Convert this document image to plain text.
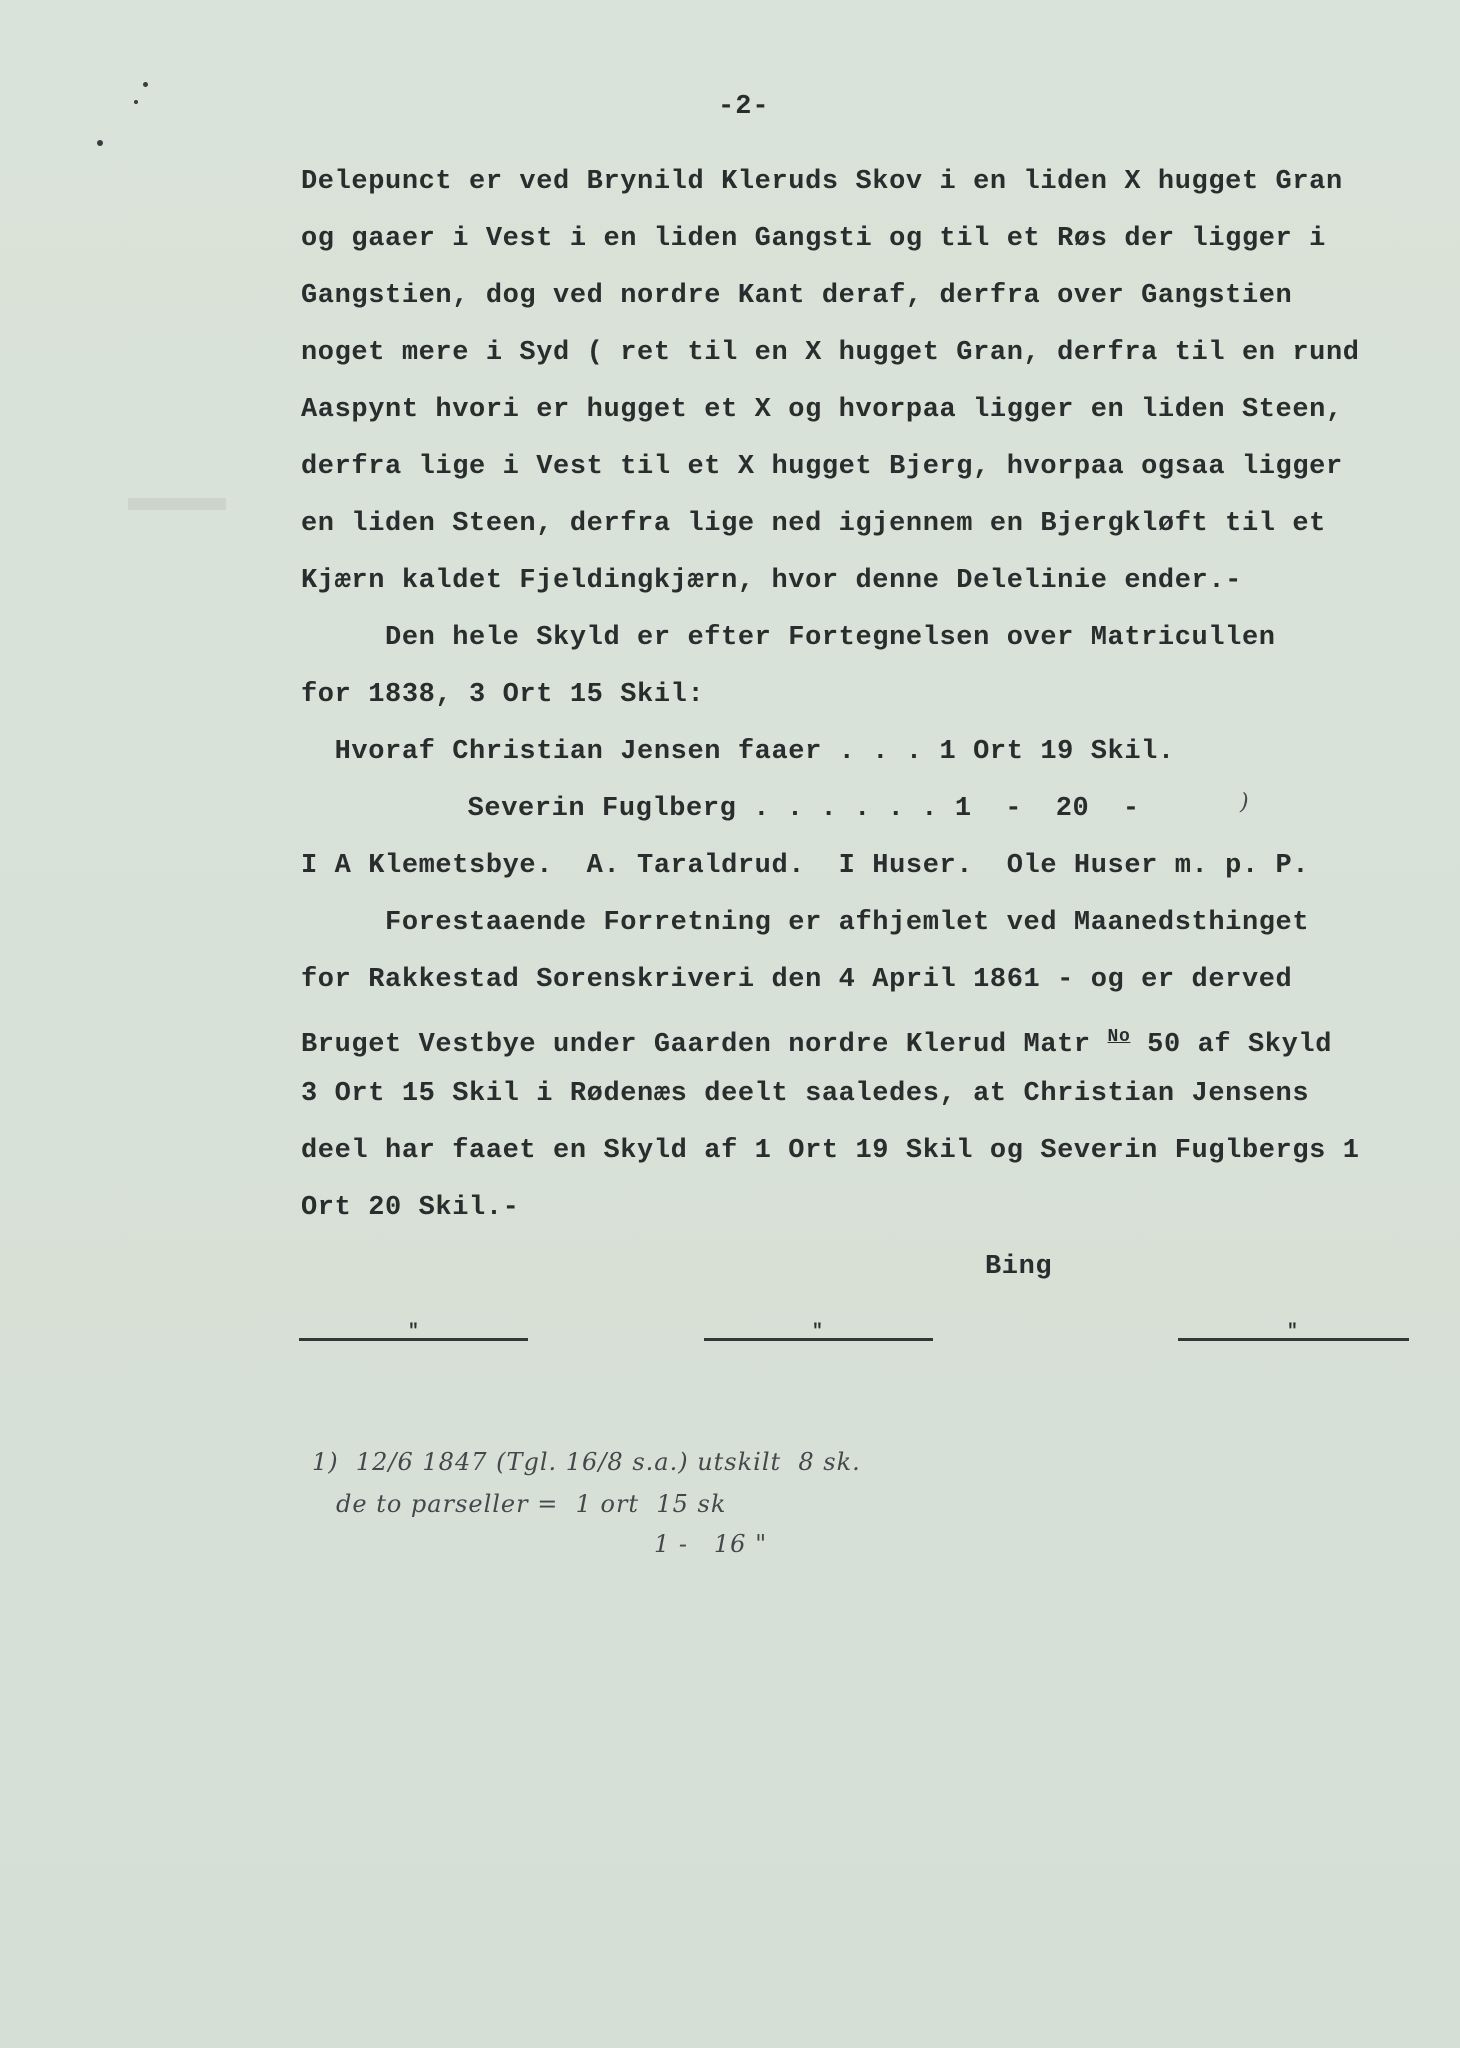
-2-
Delepunct er ved Brynild Kleruds Skov i en liden X hugget Gran
og gaaer i Vest i en liden Gangsti og til et Røs der ligger i
Gangstien, dog ved nordre Kant deraf, derfra over Gangstien
noget mere i Syd ( ret til en X hugget Gran, derfra til en rund
Aaspynt hvori er hugget et X og hvorpaa ligger en liden Steen,
derfra lige i Vest til et X hugget Bjerg, hvorpaa ogsaa ligger
en liden Steen, derfra lige ned igjennem en Bjergkløft til et
Kjærn kaldet Fjeldingkjærn, hvor denne Delelinie ender.-
Den hele Skyld er efter Fortegnelsen over Matricullen
for 1838, 3 Ort 15 Skil:
Hvoraf Christian Jensen faaer . . . 1 Ort 19 Skil.
Severin Fuglberg . . . . . . 1  -  20  -	)
I A Klemetsbye.  A. Taraldrud.  I Huser.  Ole Huser m. p. P.
Forestaaende Forretning er afhjemlet ved Maanedsthinget
for Rakkestad Sorenskriveri den 4 April 1861 - og er derved
Bruget Vestbye under Gaarden nordre Klerud Matr $^{No}$ 50 af Skyld
3 Ort 15 Skil i Rødenæs deelt saaledes, at Christian Jensens
deel har faaet en Skyld af 1 Ort 19 Skil og Severin Fuglbergs 1
Ort 20 Skil.-
Bing
"	"	"
1)  12/6 1847 (Tgl. 16/8 s.a.) utskilt  8 sk.
de to parseller =  1 ort  15 sk
1 -   16 "
